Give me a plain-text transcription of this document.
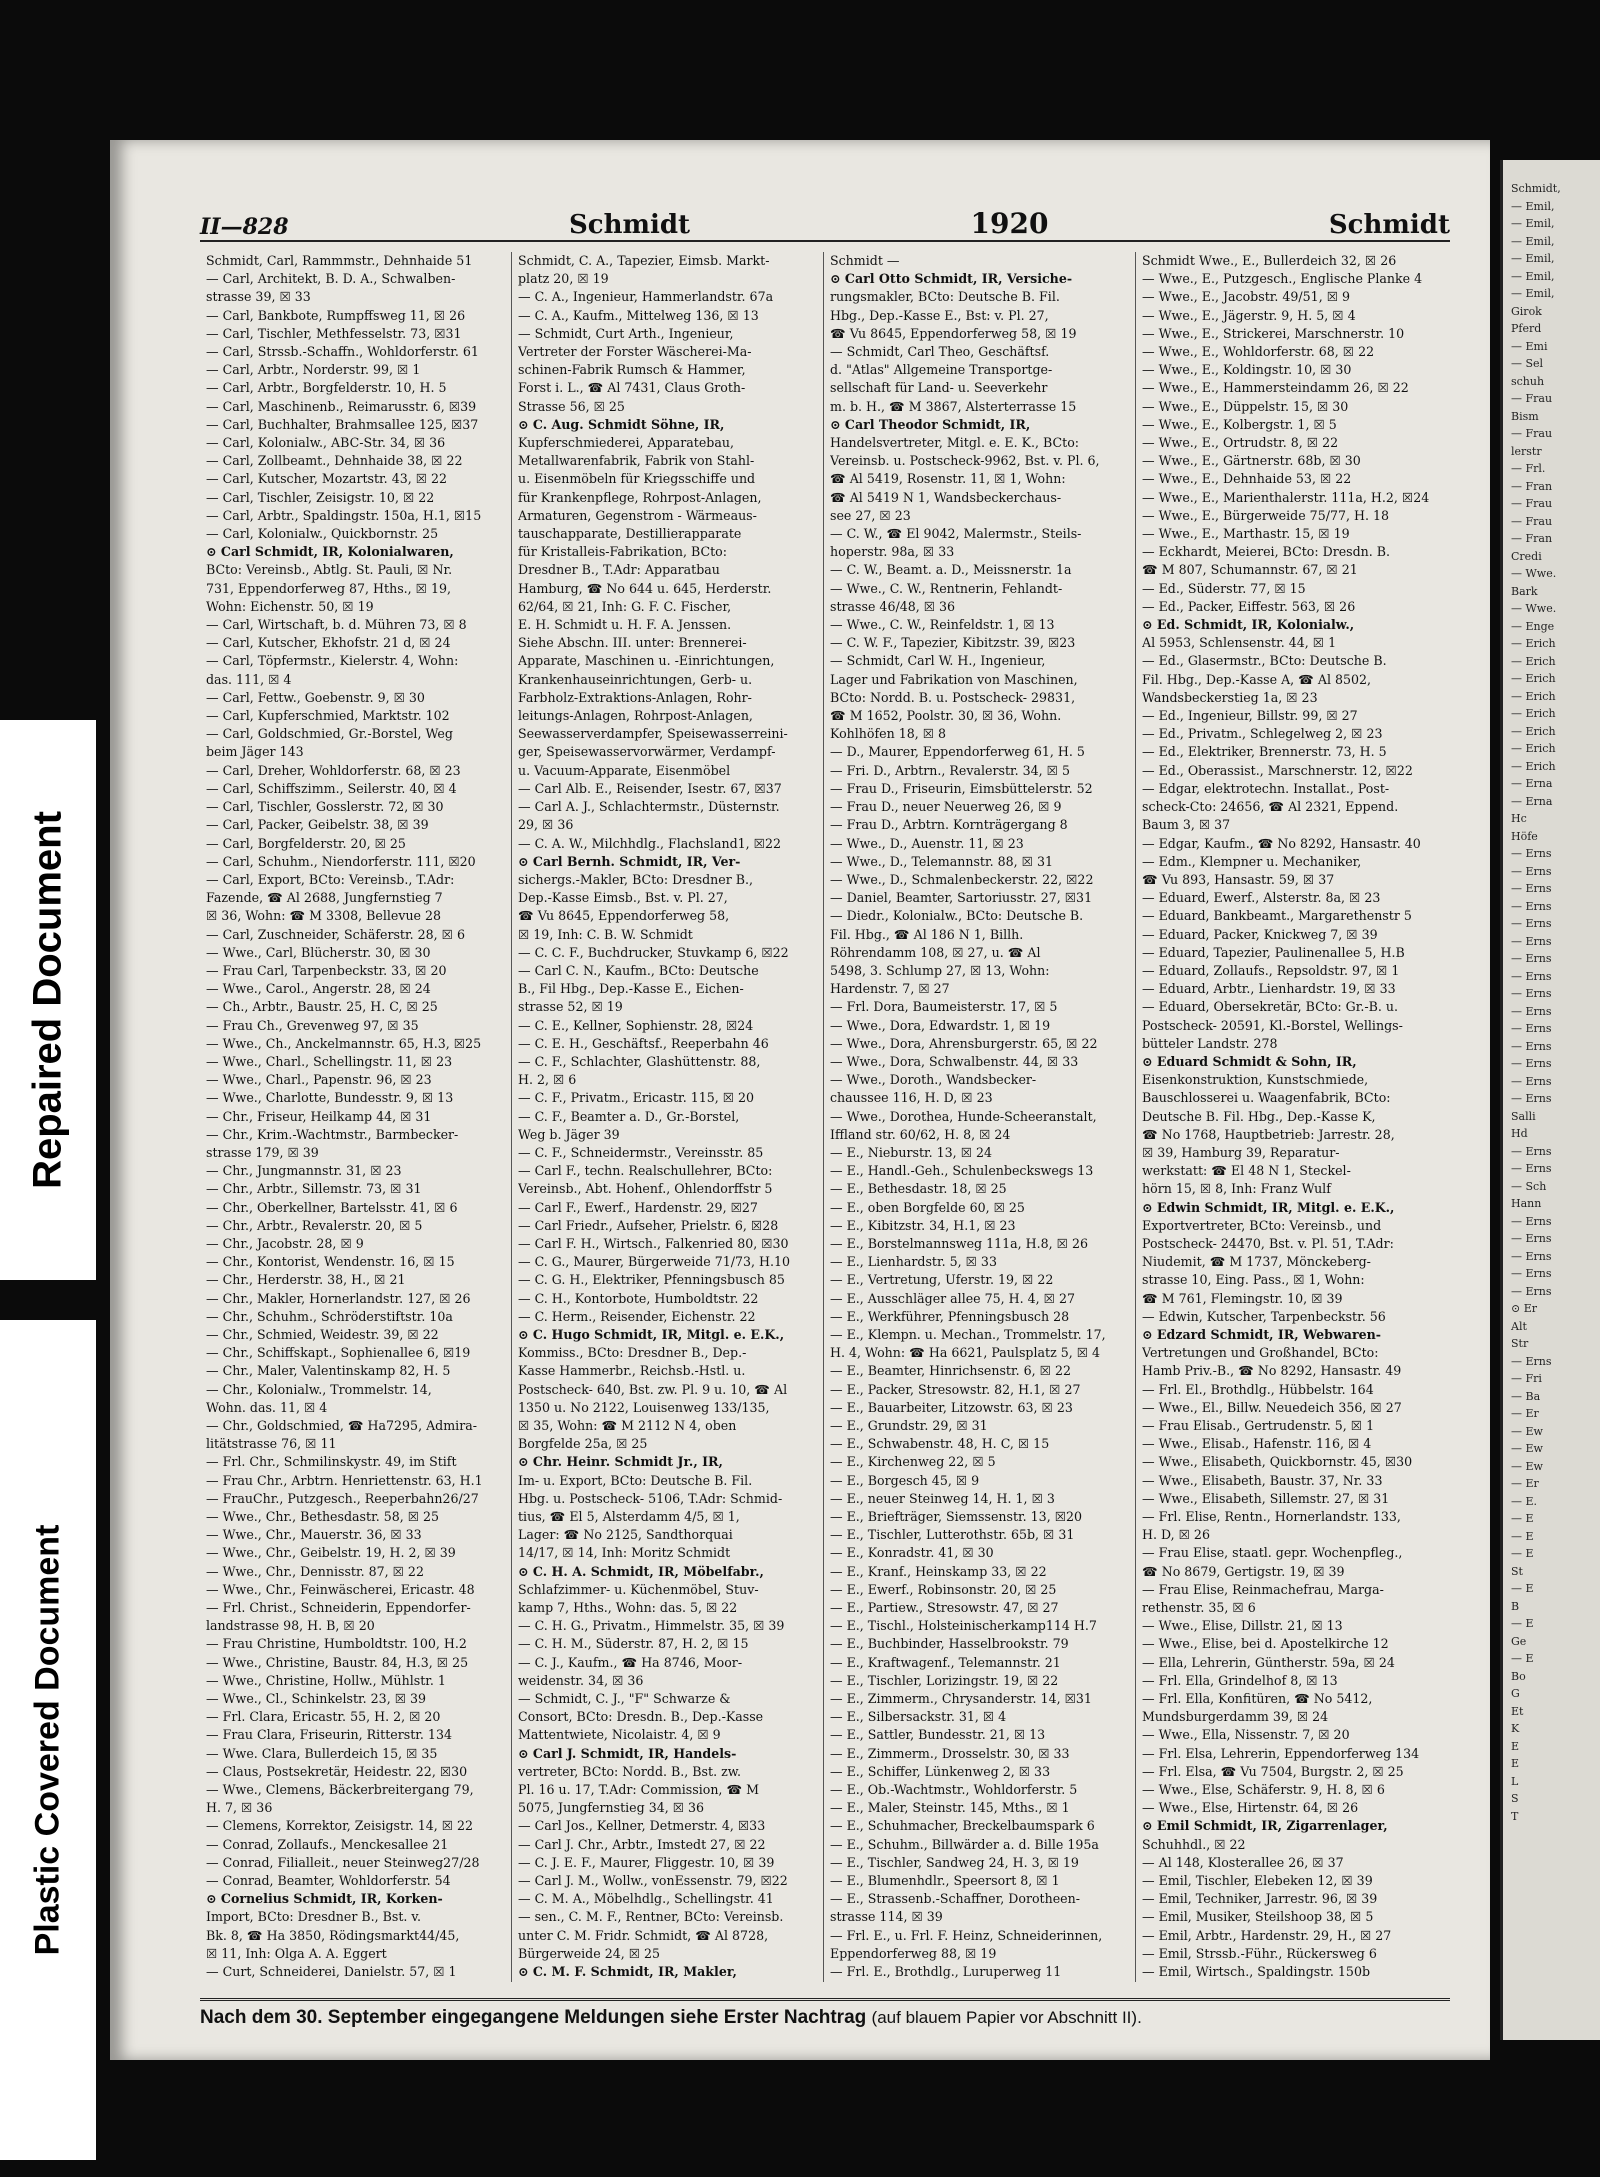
Repaired Document
Plastic Covered Document
II—828	Schmidt	1920	Schmidt
Schmidt, Carl, Rammmstr., Dehnhaide 51
— Carl, Architekt, B. D. A., Schwalben-
strasse 39, ☒ 33
— Carl, Bankbote, Rumpffsweg 11, ☒ 26
— Carl, Tischler, Methfesselstr. 73, ☒31
— Carl, Strssb.-Schaffn., Wohldorferstr. 61
— Carl, Arbtr., Norderstr. 99, ☒ 1
— Carl, Arbtr., Borgfelderstr. 10, H. 5
— Carl, Maschinenb., Reimarusstr. 6, ☒39
— Carl, Buchhalter, Brahmsallee 125, ☒37
— Carl, Kolonialw., ABC-Str. 34, ☒ 36
— Carl, Zollbeamt., Dehnhaide 38, ☒ 22
— Carl, Kutscher, Mozartstr. 43, ☒ 22
— Carl, Tischler, Zeisigstr. 10, ☒ 22
— Carl, Arbtr., Spaldingstr. 150a, H.1, ☒15
— Carl, Kolonialw., Quickbornstr. 25
⊙ Carl Schmidt, IR, Kolonialwaren,
BCto: Vereinsb., Abtlg. St. Pauli, ☒ Nr.
731, Eppendorferweg 87, Hths., ☒ 19,
Wohn: Eichenstr. 50, ☒ 19
— Carl, Wirtschaft, b. d. Mühren 73, ☒ 8
— Carl, Kutscher, Ekhofstr. 21 d, ☒ 24
— Carl, Töpfermstr., Kielerstr. 4, Wohn:
das. 111, ☒ 4
— Carl, Fettw., Goebenstr. 9, ☒ 30
— Carl, Kupferschmied, Marktstr. 102
— Carl, Goldschmied, Gr.-Borstel, Weg
beim Jäger 143
— Carl, Dreher, Wohldorferstr. 68, ☒ 23
— Carl, Schiffszimm., Seilerstr. 40, ☒ 4
— Carl, Tischler, Gosslerstr. 72, ☒ 30
— Carl, Packer, Geibelstr. 38, ☒ 39
— Carl, Borgfelderstr. 20, ☒ 25
— Carl, Schuhm., Niendorferstr. 111, ☒20
— Carl, Export, BCto: Vereinsb., T.Adr:
Fazende, ☎ Al 2688, Jungfernstieg 7
☒ 36, Wohn: ☎ M 3308, Bellevue 28
— Carl, Zuschneider, Schäferstr. 28, ☒ 6
— Wwe., Carl, Blücherstr. 30, ☒ 30
— Frau Carl, Tarpenbeckstr. 33, ☒ 20
— Wwe., Carol., Angerstr. 28, ☒ 24
— Ch., Arbtr., Baustr. 25, H. C, ☒ 25
— Frau Ch., Grevenweg 97, ☒ 35
— Wwe., Ch., Anckelmannstr. 65, H.3, ☒25
— Wwe., Charl., Schellingstr. 11, ☒ 23
— Wwe., Charl., Papenstr. 96, ☒ 23
— Wwe., Charlotte, Bundesstr. 9, ☒ 13
— Chr., Friseur, Heilkamp 44, ☒ 31
— Chr., Krim.-Wachtmstr., Barmbecker-
strasse 179, ☒ 39
— Chr., Jungmannstr. 31, ☒ 23
— Chr., Arbtr., Sillemstr. 73, ☒ 31
— Chr., Oberkellner, Bartelsstr. 41, ☒ 6
— Chr., Arbtr., Revalerstr. 20, ☒ 5
— Chr., Jacobstr. 28, ☒ 9
— Chr., Kontorist, Wendenstr. 16, ☒ 15
— Chr., Herderstr. 38, H., ☒ 21
— Chr., Makler, Hornerlandstr. 127, ☒ 26
— Chr., Schuhm., Schröderstiftstr. 10a
— Chr., Schmied, Weidestr. 39, ☒ 22
— Chr., Schiffskapt., Sophienallee 6, ☒19
— Chr., Maler, Valentinskamp 82, H. 5
— Chr., Kolonialw., Trommelstr. 14,
Wohn. das. 11, ☒ 4
— Chr., Goldschmied, ☎ Ha7295, Admira-
litätstrasse 76, ☒ 11
— Frl. Chr., Schmilinskystr. 49, im Stift
— Frau Chr., Arbtrn. Henriettenstr. 63, H.1
— FrauChr., Putzgesch., Reeperbahn26/27
— Wwe., Chr., Bethesdastr. 58, ☒ 25
— Wwe., Chr., Mauerstr. 36, ☒ 33
— Wwe., Chr., Geibelstr. 19, H. 2, ☒ 39
— Wwe., Chr., Dennisstr. 87, ☒ 22
— Wwe., Chr., Feinwäscherei, Ericastr. 48
— Frl. Christ., Schneiderin, Eppendorfer-
landstrasse 98, H. B, ☒ 20
— Frau Christine, Humboldtstr. 100, H.2
— Wwe., Christine, Baustr. 84, H.3, ☒ 25
— Wwe., Christine, Hollw., Mühlstr. 1
— Wwe., Cl., Schinkelstr. 23, ☒ 39
— Frl. Clara, Ericastr. 55, H. 2, ☒ 20
— Frau Clara, Friseurin, Ritterstr. 134
— Wwe. Clara, Bullerdeich 15, ☒ 35
— Claus, Postsekretär, Heidestr. 22, ☒30
— Wwe., Clemens, Bäckerbreitergang 79,
H. 7, ☒ 36
— Clemens, Korrektor, Zeisigstr. 14, ☒ 22
— Conrad, Zollaufs., Menckesallee 21
— Conrad, Filialleit., neuer Steinweg27/28
— Conrad, Beamter, Wohldorferstr. 54
⊙ Cornelius Schmidt, IR, Korken-
Import, BCto: Dresdner B., Bst. v.
Bk. 8, ☎ Ha 3850, Rödingsmarkt44/45,
☒ 11, Inh: Olga A. A. Eggert
— Curt, Schneiderei, Danielstr. 57, ☒ 1
Schmidt, C. A., Tapezier, Eimsb. Markt-
platz 20, ☒ 19
— C. A., Ingenieur, Hammerlandstr. 67a
— C. A., Kaufm., Mittelweg 136, ☒ 13
— Schmidt, Curt Arth., Ingenieur,
Vertreter der Forster Wäscherei-Ma-
schinen-Fabrik Rumsch & Hammer,
Forst i. L., ☎ Al 7431, Claus Groth-
Strasse 56, ☒ 25
⊙ C. Aug. Schmidt Söhne, IR,
Kupferschmiederei, Apparatebau,
Metallwarenfabrik, Fabrik von Stahl-
u. Eisenmöbeln für Kriegsschiffe und
für Krankenpflege, Rohrpost-Anlagen,
Armaturen, Gegenstrom - Wärmeaus-
tauschapparate, Destillierapparate
für Kristalleis-Fabrikation, BCto:
Dresdner B., T.Adr: Apparatbau
Hamburg, ☎ No 644 u. 645, Herderstr.
62/64, ☒ 21, Inh: G. F. C. Fischer,
E. H. Schmidt u. H. F. A. Jenssen.
Siehe Abschn. III. unter: Brennerei-
Apparate, Maschinen u. -Einrichtungen,
Krankenhauseinrichtungen, Gerb- u.
Farbholz-Extraktions-Anlagen, Rohr-
leitungs-Anlagen, Rohrpost-Anlagen,
Seewasserverdampfer, Speisewasserreini-
ger, Speisewasservorwärmer, Verdampf-
u. Vacuum-Apparate, Eisenmöbel
— Carl Alb. E., Reisender, Isestr. 67, ☒37
— Carl A. J., Schlachtermstr., Düsternstr.
29, ☒ 36
— C. A. W., Milchhdlg., Flachsland1, ☒22
⊙ Carl Bernh. Schmidt, IR, Ver-
sichergs.-Makler, BCto: Dresdner B.,
Dep.-Kasse Eimsb., Bst. v. Pl. 27,
☎ Vu 8645, Eppendorferweg 58,
☒ 19, Inh: C. B. W. Schmidt
— C. C. F., Buchdrucker, Stuvkamp 6, ☒22
— Carl C. N., Kaufm., BCto: Deutsche
B., Fil Hbg., Dep.-Kasse E., Eichen-
strasse 52, ☒ 19
— C. E., Kellner, Sophienstr. 28, ☒24
— C. E. H., Geschäftsf., Reeperbahn 46
— C. F., Schlachter, Glashüttenstr. 88,
H. 2, ☒ 6
— C. F., Privatm., Ericastr. 115, ☒ 20
— C. F., Beamter a. D., Gr.-Borstel,
Weg b. Jäger 39
— C. F., Schneidermstr., Vereinsstr. 85
— Carl F., techn. Realschullehrer, BCto:
Vereinsb., Abt. Hohenf., Ohlendorffstr 5
— Carl F., Ewerf., Hardenstr. 29, ☒27
— Carl Friedr., Aufseher, Prielstr. 6, ☒28
— Carl F. H., Wirtsch., Falkenried 80, ☒30
— C. G., Maurer, Bürgerweide 71/73, H.10
— C. G. H., Elektriker, Pfenningsbusch 85
— C. H., Kontorbote, Humboldtstr. 22
— C. Herm., Reisender, Eichenstr. 22
⊙ C. Hugo Schmidt, IR, Mitgl. e. E.K.,
Kommiss., BCto: Dresdner B., Dep.-
Kasse Hammerbr., Reichsb.-Hstl. u.
Postscheck- 640, Bst. zw. Pl. 9 u. 10, ☎ Al
1350 u. No 2122, Louisenweg 133/135,
☒ 35, Wohn: ☎ M 2112 N 4, oben
Borgfelde 25a, ☒ 25
⊙ Chr. Heinr. Schmidt Jr., IR,
Im- u. Export, BCto: Deutsche B. Fil.
Hbg. u. Postscheck- 5106, T.Adr: Schmid-
tius, ☎ El 5, Alsterdamm 4/5, ☒ 1,
Lager: ☎ No 2125, Sandthorquai
14/17, ☒ 14, Inh: Moritz Schmidt
⊙ C. H. A. Schmidt, IR, Möbelfabr.,
Schlafzimmer- u. Küchenmöbel, Stuv-
kamp 7, Hths., Wohn: das. 5, ☒ 22
— C. H. G., Privatm., Himmelstr. 35, ☒ 39
— C. H. M., Süderstr. 87, H. 2, ☒ 15
— C. J., Kaufm., ☎ Ha 8746, Moor-
weidenstr. 34, ☒ 36
— Schmidt, C. J., "F" Schwarze &
Consort, BCto: Dresdn. B., Dep.-Kasse
Mattentwiete, Nicolaistr. 4, ☒ 9
⊙ Carl J. Schmidt, IR, Handels-
vertreter, BCto: Nordd. B., Bst. zw.
Pl. 16 u. 17, T.Adr: Commission, ☎ M
5075, Jungfernstieg 34, ☒ 36
— Carl Jos., Kellner, Detmerstr. 4, ☒33
— Carl J. Chr., Arbtr., Imstedt 27, ☒ 22
— C. J. E. F., Maurer, Fliggestr. 10, ☒ 39
— Carl J. M., Wollw., vonEssenstr. 79, ☒22
— C. M. A., Möbelhdlg., Schellingstr. 41
— sen., C. M. F., Rentner, BCto: Vereinsb.
unter C. M. Fridr. Schmidt, ☎ Al 8728,
Bürgerweide 24, ☒ 25
⊙ C. M. F. Schmidt, IR, Makler,
Schmidt —
⊙ Carl Otto Schmidt, IR, Versiche-
rungsmakler, BCto: Deutsche B. Fil.
Hbg., Dep.-Kasse E., Bst: v. Pl. 27,
☎ Vu 8645, Eppendorferweg 58, ☒ 19
— Schmidt, Carl Theo, Geschäftsf.
d. "Atlas" Allgemeine Transportge-
sellschaft für Land- u. Seeverkehr
m. b. H., ☎ M 3867, Alsterterrasse 15
⊙ Carl Theodor Schmidt, IR,
Handelsvertreter, Mitgl. e. E. K., BCto:
Vereinsb. u. Postscheck-9962, Bst. v. Pl. 6,
☎ Al 5419, Rosenstr. 11, ☒ 1, Wohn:
☎ Al 5419 N 1, Wandsbeckerchaus-
see 27, ☒ 23
— C. W., ☎ El 9042, Malermstr., Steils-
hoperstr. 98a, ☒ 33
— C. W., Beamt. a. D., Meissnerstr. 1a
— Wwe., C. W., Rentnerin, Fehlandt-
strasse 46/48, ☒ 36
— Wwe., C. W., Reinfeldstr. 1, ☒ 13
— C. W. F., Tapezier, Kibitzstr. 39, ☒23
— Schmidt, Carl W. H., Ingenieur,
Lager und Fabrikation von Maschinen,
BCto: Nordd. B. u. Postscheck- 29831,
☎ M 1652, Poolstr. 30, ☒ 36, Wohn.
Kohlhöfen 18, ☒ 8
— D., Maurer, Eppendorferweg 61, H. 5
— Fri. D., Arbtrn., Revalerstr. 34, ☒ 5
— Frau D., Friseurin, Eimsbüttelerstr. 52
— Frau D., neuer Neuerweg 26, ☒ 9
— Frau D., Arbtrn. Kornträgergang 8
— Wwe., D., Auenstr. 11, ☒ 23
— Wwe., D., Telemannstr. 88, ☒ 31
— Wwe., D., Schmalenbeckerstr. 22, ☒22
— Daniel, Beamter, Sartoriusstr. 27, ☒31
— Diedr., Kolonialw., BCto: Deutsche B.
Fil. Hbg., ☎ Al 186 N 1, Billh.
Röhrendamm 108, ☒ 27, u. ☎ Al
5498, 3. Schlump 27, ☒ 13, Wohn:
Hardenstr. 7, ☒ 27
— Frl. Dora, Baumeisterstr. 17, ☒ 5
— Wwe., Dora, Edwardstr. 1, ☒ 19
— Wwe., Dora, Ahrensburgerstr. 65, ☒ 22
— Wwe., Dora, Schwalbenstr. 44, ☒ 33
— Wwe., Doroth., Wandsbecker-
chaussee 116, H. D, ☒ 23
— Wwe., Dorothea, Hunde-Scheeranstalt,
Iffland str. 60/62, H. 8, ☒ 24
— E., Nieburstr. 13, ☒ 24
— E., Handl.-Geh., Schulenbeckswegs 13
— E., Bethesdastr. 18, ☒ 25
— E., oben Borgfelde 60, ☒ 25
— E., Kibitzstr. 34, H.1, ☒ 23
— E., Borstelmannsweg 111a, H.8, ☒ 26
— E., Lienhardstr. 5, ☒ 33
— E., Vertretung, Uferstr. 19, ☒ 22
— E., Ausschläger allee 75, H. 4, ☒ 27
— E., Werkführer, Pfenningsbusch 28
— E., Klempn. u. Mechan., Trommelstr. 17,
H. 4, Wohn: ☎ Ha 6621, Paulsplatz 5, ☒ 4
— E., Beamter, Hinrichsenstr. 6, ☒ 22
— E., Packer, Stresowstr. 82, H.1, ☒ 27
— E., Bauarbeiter, Litzowstr. 63, ☒ 23
— E., Grundstr. 29, ☒ 31
— E., Schwabenstr. 48, H. C, ☒ 15
— E., Kirchenweg 22, ☒ 5
— E., Borgesch 45, ☒ 9
— E., neuer Steinweg 14, H. 1, ☒ 3
— E., Briefträger, Siemssenstr. 13, ☒20
— E., Tischler, Lutterothstr. 65b, ☒ 31
— E., Konradstr. 41, ☒ 30
— E., Kranf., Heinskamp 33, ☒ 22
— E., Ewerf., Robinsonstr. 20, ☒ 25
— E., Partiew., Stresowstr. 47, ☒ 27
— E., Tischl., Holsteinischerkamp114 H.7
— E., Buchbinder, Hasselbrookstr. 79
— E., Kraftwagenf., Telemannstr. 21
— E., Tischler, Lorizingstr. 19, ☒ 22
— E., Zimmerm., Chrysanderstr. 14, ☒31
— E., Silbersackstr. 31, ☒ 4
— E., Sattler, Bundesstr. 21, ☒ 13
— E., Zimmerm., Drosselstr. 30, ☒ 33
— E., Schiffer, Lünkenweg 2, ☒ 33
— E., Ob.-Wachtmstr., Wohldorferstr. 5
— E., Maler, Steinstr. 145, Mths., ☒ 1
— E., Schuhmacher, Breckelbaumspark 6
— E., Schuhm., Billwärder a. d. Bille 195a
— E., Tischler, Sandweg 24, H. 3, ☒ 19
— E., Blumenhdlr., Speersort 8, ☒ 1
— E., Strassenb.-Schaffner, Dorotheen-
strasse 114, ☒ 39
— Frl. E., u. Frl. F. Heinz, Schneiderinnen,
Eppendorferweg 88, ☒ 19
— Frl. E., Brothdlg., Luruperweg 11
Schmidt Wwe., E., Bullerdeich 32, ☒ 26
— Wwe., E., Putzgesch., Englische Planke 4
— Wwe., E., Jacobstr. 49/51, ☒ 9
— Wwe., E., Jägerstr. 9, H. 5, ☒ 4
— Wwe., E., Strickerei, Marschnerstr. 10
— Wwe., E., Wohldorferstr. 68, ☒ 22
— Wwe., E., Koldingstr. 10, ☒ 30
— Wwe., E., Hammersteindamm 26, ☒ 22
— Wwe., E., Düppelstr. 15, ☒ 30
— Wwe., E., Kolbergstr. 1, ☒ 5
— Wwe., E., Ortrudstr. 8, ☒ 22
— Wwe., E., Gärtnerstr. 68b, ☒ 30
— Wwe., E., Dehnhaide 53, ☒ 22
— Wwe., E., Marienthalerstr. 111a, H.2, ☒24
— Wwe., E., Bürgerweide 75/77, H. 18
— Wwe., E., Marthastr. 15, ☒ 19
— Eckhardt, Meierei, BCto: Dresdn. B.
☎ M 807, Schumannstr. 67, ☒ 21
— Ed., Süderstr. 77, ☒ 15
— Ed., Packer, Eiffestr. 563, ☒ 26
⊙ Ed. Schmidt, IR, Kolonialw.,
Al 5953, Schlensenstr. 44, ☒ 1
— Ed., Glasermstr., BCto: Deutsche B.
Fil. Hbg., Dep.-Kasse A, ☎ Al 8502,
Wandsbeckerstieg 1a, ☒ 23
— Ed., Ingenieur, Billstr. 99, ☒ 27
— Ed., Privatm., Schlegelweg 2, ☒ 23
— Ed., Elektriker, Brennerstr. 73, H. 5
— Ed., Oberassist., Marschnerstr. 12, ☒22
— Edgar, elektrotechn. Installat., Post-
scheck-Cto: 24656, ☎ Al 2321, Eppend.
Baum 3, ☒ 37
— Edgar, Kaufm., ☎ No 8292, Hansastr. 40
— Edm., Klempner u. Mechaniker,
☎ Vu 893, Hansastr. 59, ☒ 37
— Eduard, Ewerf., Alsterstr. 8a, ☒ 23
— Eduard, Bankbeamt., Margarethenstr 5
— Eduard, Packer, Knickweg 7, ☒ 39
— Eduard, Tapezier, Paulinenallee 5, H.B
— Eduard, Zollaufs., Repsoldstr. 97, ☒ 1
— Eduard, Arbtr., Lienhardstr. 19, ☒ 33
— Eduard, Obersekretär, BCto: Gr.-B. u.
Postscheck- 20591, Kl.-Borstel, Wellings-
bütteler Landstr. 278
⊙ Eduard Schmidt & Sohn, IR,
Eisenkonstruktion, Kunstschmiede,
Bauschlosserei u. Waagenfabrik, BCto:
Deutsche B. Fil. Hbg., Dep.-Kasse K,
☎ No 1768, Hauptbetrieb: Jarrestr. 28,
☒ 39, Hamburg 39, Reparatur-
werkstatt: ☎ El 48 N 1, Steckel-
hörn 15, ☒ 8, Inh: Franz Wulf
⊙ Edwin Schmidt, IR, Mitgl. e. E.K.,
Exportvertreter, BCto: Vereinsb., und
Postscheck- 24470, Bst. v. Pl. 51, T.Adr:
Niudemit, ☎ M 1737, Mönckeberg-
strasse 10, Eing. Pass., ☒ 1, Wohn:
☎ M 761, Flemingstr. 10, ☒ 39
— Edwin, Kutscher, Tarpenbeckstr. 56
⊙ Edzard Schmidt, IR, Webwaren-
Vertretungen und Großhandel, BCto:
Hamb Priv.-B., ☎ No 8292, Hansastr. 49
— Frl. El., Brothdlg., Hübbelstr. 164
— Wwe., El., Billw. Neuedeich 356, ☒ 27
— Frau Elisab., Gertrudenstr. 5, ☒ 1
— Wwe., Elisab., Hafenstr. 116, ☒ 4
— Wwe., Elisabeth, Quickbornstr. 45, ☒30
— Wwe., Elisabeth, Baustr. 37, Nr. 33
— Wwe., Elisabeth, Sillemstr. 27, ☒ 31
— Frl. Elise, Rentn., Hornerlandstr. 133,
H. D, ☒ 26
— Frau Elise, staatl. gepr. Wochenpfleg.,
☎ No 8679, Gertigstr. 19, ☒ 39
— Frau Elise, Reinmachefrau, Marga-
rethenstr. 35, ☒ 6
— Wwe., Elise, Dillstr. 21, ☒ 13
— Wwe., Elise, bei d. Apostelkirche 12
— Ella, Lehrerin, Güntherstr. 59a, ☒ 24
— Frl. Ella, Grindelhof 8, ☒ 13
— Frl. Ella, Konfitüren, ☎ No 5412,
Mundsburgerdamm 39, ☒ 24
— Wwe., Ella, Nissenstr. 7, ☒ 20
— Frl. Elsa, Lehrerin, Eppendorferweg 134
— Frl. Elsa, ☎ Vu 7504, Burgstr. 2, ☒ 25
— Wwe., Else, Schäferstr. 9, H. 8, ☒ 6
— Wwe., Else, Hirtenstr. 64, ☒ 26
⊙ Emil Schmidt, IR, Zigarrenlager,
Schuhhdl., ☒ 22
— Al 148, Klosterallee 26, ☒ 37
— Emil, Tischler, Elebeken 12, ☒ 39
— Emil, Techniker, Jarrestr. 96, ☒ 39
— Emil, Musiker, Steilshoop 38, ☒ 5
— Emil, Arbtr., Hardenstr. 29, H., ☒ 27
— Emil, Strssb.-Führ., Rückersweg 6
— Emil, Wirtsch., Spaldingstr. 150b
Nach dem 30. September eingegangene Meldungen siehe Erster Nachtrag (auf blauem Papier vor Abschnitt II).
Schmidt,
— Emil,
— Emil,
— Emil,
— Emil,
— Emil,
— Emil,
Girok
Pferd
— Emi
— Sel
schuh
— Frau
Bism
— Frau
lerstr
— Frl.
— Fran
— Frau
— Frau
— Fran
Credi
— Wwe.
Bark
— Wwe.
— Enge
— Erich
— Erich
— Erich
— Erich
— Erich
— Erich
— Erich
— Erich
— Erna
— Erna
Hc
Höfe
— Erns
— Erns
— Erns
— Erns
— Erns
— Erns
— Erns
— Erns
— Erns
— Erns
— Erns
— Erns
— Erns
— Erns
— Erns
Salli
Hd
— Erns
— Erns
— Sch
Hann
— Erns
— Erns
— Erns
— Erns
— Erns
⊙ Er
Alt
Str
— Erns
— Fri
— Ba
— Er
— Ew
— Ew
— Ew
— Er
— E.
— E
— E
— E
St
— E
B
— E
Ge
— E
Bo
G
Et
K
E
E
L
S
T
